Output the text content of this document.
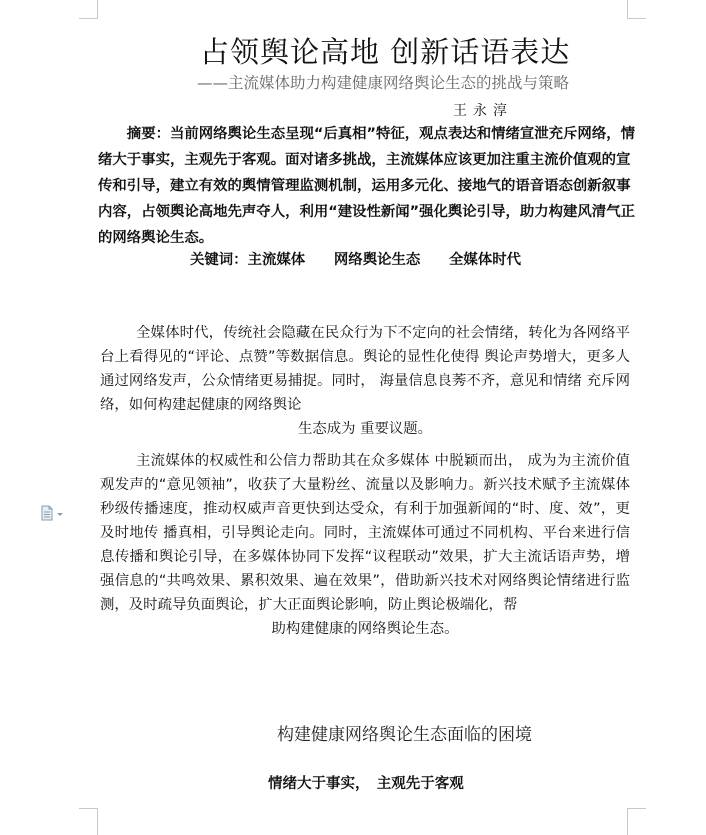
占领舆论高地 创新话语表达
——主流媒体助力构建健康网络舆论生态的挑战与策略
王永淳

摘要：当前网络舆论生态呈现“后真相”特征，观点表达和情绪宣泄充斥网络，情绪大于事实，主观先于客观。面对诸多挑战，主流媒体应该更加注重主流价值观的宣传和引导，建立有效的舆情管理监测机制，运用多元化、接地气的语音语态创新叙事内容，占领舆论高地先声夺人，利用“建设性新闻”强化舆论引导，助力构建风清气正的网络舆论生态。

关键词：主流媒体　　网络舆论生态　　全媒体时代

全媒体时代，传统社会隐藏在民众行为下不定向的社会情绪，转化为各网络平台上看得见的“评论、点赞”等数据信息。舆论的显性化使得 舆论声势增大，更多人通过网络发声，公众情绪更易捕捉。同时， 海量信息良莠不齐，意见和情绪 充斥网络，如何构建起健康的网络舆论

生态成为 重要议题。

主流媒体的权威性和公信力帮助其在众多媒体 中脱颖而出， 成为为主流价值观发声的“意见领袖”，收获了大量粉丝、流量以及影响力。新兴技术赋予主流媒体秒级传播速度，推动权威声音更快到达受众，有利于加强新闻的“时、度、效”，更及时地传 播真相，引导舆论走向。同时，主流媒体可通过不同机构、平台来进行信息传播和舆论引导，在多媒体协同下发挥“议程联动”效果，扩大主流话语声势，增强信息的“共鸣效果、累积效果、遍在效果”，借助新兴技术对网络舆论情绪进行监测，及时疏导负面舆论，扩大正面舆论影响，防止舆论极端化，帮

助构建健康的网络舆论生态。

构建健康网络舆论生态面临的困境
情绪大于事实，　主观先于客观
